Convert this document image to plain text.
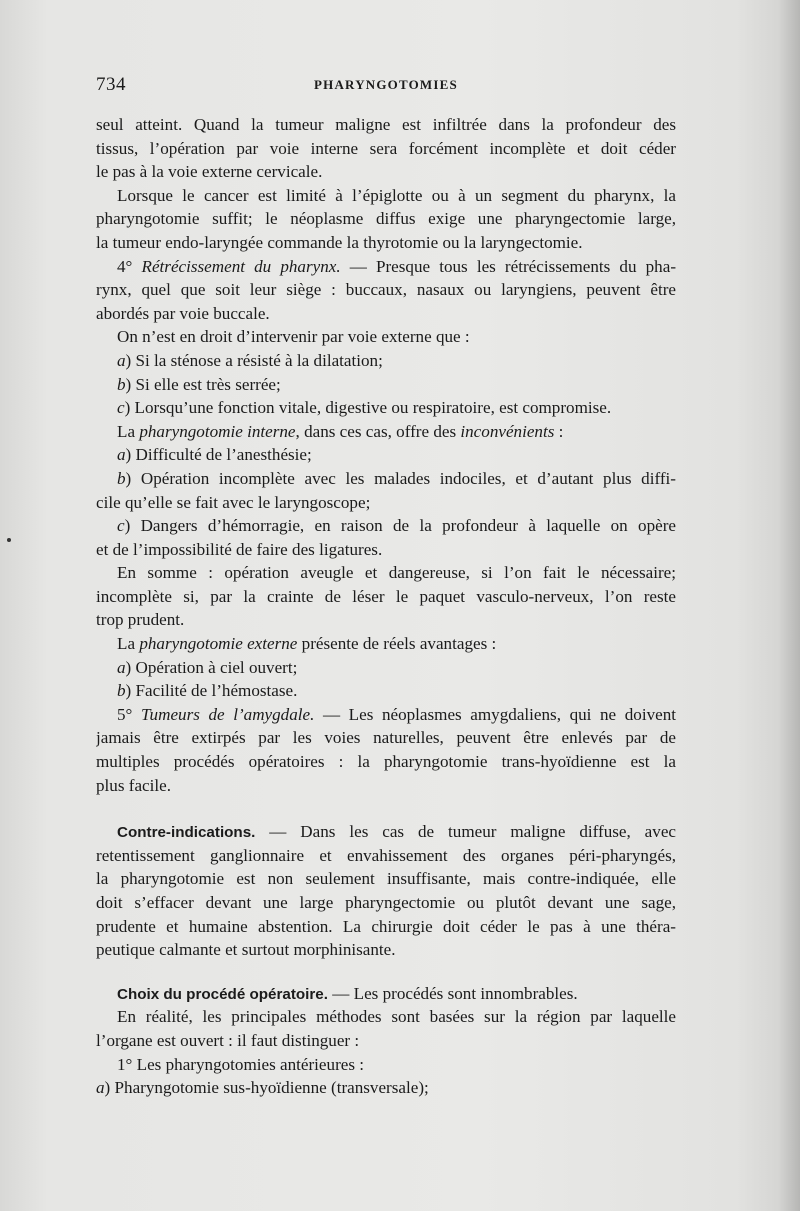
734	PHARYNGOTOMIES
seul atteint. Quand la tumeur maligne est infiltrée dans la profondeur des
tissus, l’opération par voie interne sera forcément incomplète et doit céder
le pas à la voie externe cervicale.
Lorsque le cancer est limité à l’épiglotte ou à un segment du pharynx, la
pharyngotomie suffit; le néoplasme diffus exige une pharyngectomie large,
la tumeur endo-laryngée commande la thyrotomie ou la laryngectomie.
4° Rétrécissement du pharynx. — Presque tous les rétrécissements du pha-
rynx, quel que soit leur siège : buccaux, nasaux ou laryngiens, peuvent être
abordés par voie buccale.
On n’est en droit d’intervenir par voie externe que :
a) Si la sténose a résisté à la dilatation;
b) Si elle est très serrée;
c) Lorsqu’une fonction vitale, digestive ou respiratoire, est compromise.
La pharyngotomie interne, dans ces cas, offre des inconvénients :
a) Difficulté de l’anesthésie;
b) Opération incomplète avec les malades indociles, et d’autant plus diffi-
cile qu’elle se fait avec le laryngoscope;
c) Dangers d’hémorragie, en raison de la profondeur à laquelle on opère
et de l’impossibilité de faire des ligatures.
En somme : opération aveugle et dangereuse, si l’on fait le nécessaire;
incomplète si, par la crainte de léser le paquet vasculo-nerveux, l’on reste
trop prudent.
La pharyngotomie externe présente de réels avantages :
a) Opération à ciel ouvert;
b) Facilité de l’hémostase.
5° Tumeurs de l’amygdale. — Les néoplasmes amygdaliens, qui ne doivent
jamais être extirpés par les voies naturelles, peuvent être enlevés par de
multiples procédés opératoires : la pharyngotomie trans-hyoïdienne est la
plus facile.
Contre-indications. — Dans les cas de tumeur maligne diffuse, avec
retentissement ganglionnaire et envahissement des organes péri-pharyngés,
la pharyngotomie est non seulement insuffisante, mais contre-indiquée, elle
doit s’effacer devant une large pharyngectomie ou plutôt devant une sage,
prudente et humaine abstention. La chirurgie doit céder le pas à une théra-
peutique calmante et surtout morphinisante.
Choix du procédé opératoire. — Les procédés sont innombrables.
En réalité, les principales méthodes sont basées sur la région par laquelle
l’organe est ouvert : il faut distinguer :
1° Les pharyngotomies antérieures :
a) Pharyngotomie sus-hyoïdienne (transversale);
